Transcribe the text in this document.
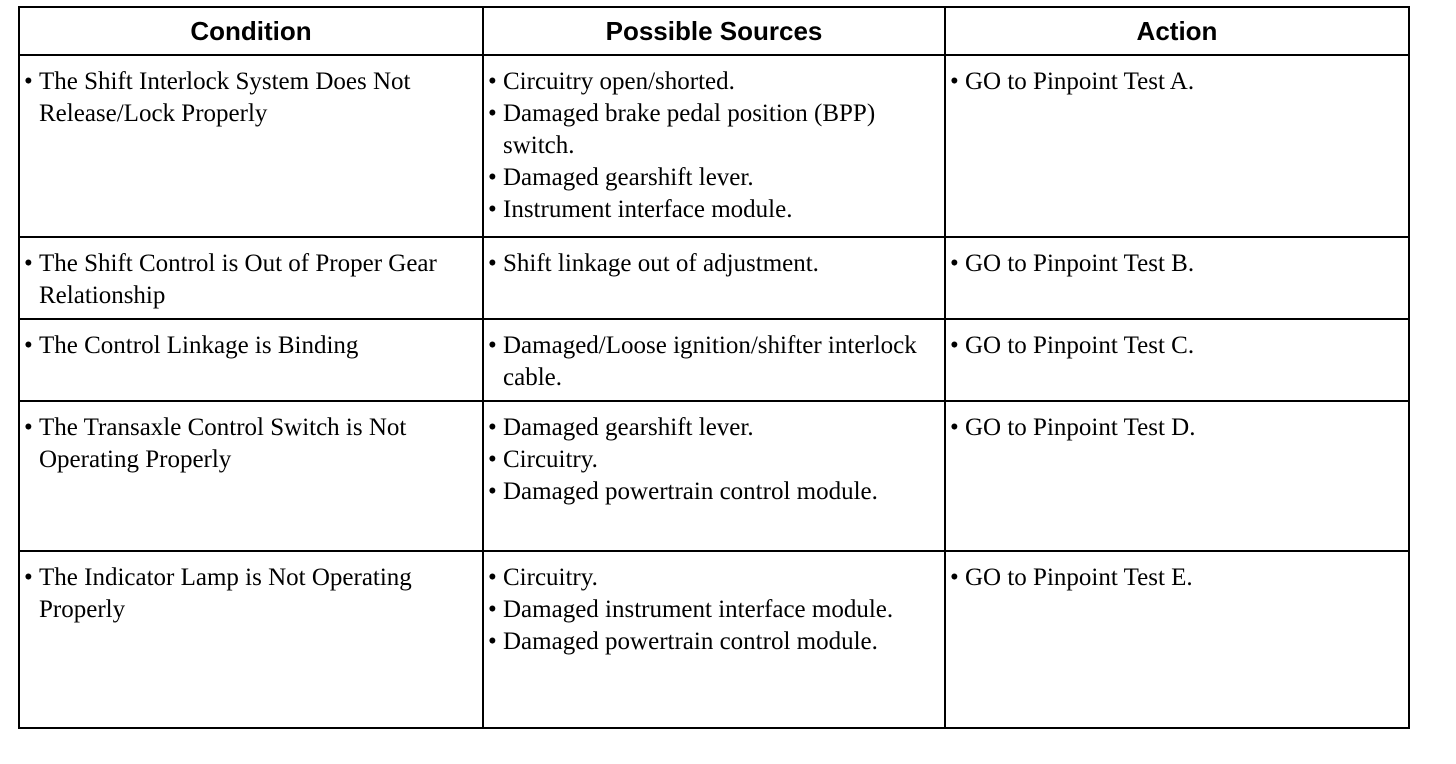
Condition	Possible Sources	Action

• The Shift Interlock System Does Not Release/Lock Properly	• Circuitry open/shorted.
• Damaged brake pedal position (BPP) switch.
• Damaged gearshift lever.
• Instrument interface module.	• GO to Pinpoint Test A.

• The Shift Control is Out of Proper Gear Relationship	• Shift linkage out of adjustment.	• GO to Pinpoint Test B.

• The Control Linkage is Binding	• Damaged/Loose ignition/shifter interlock cable.	• GO to Pinpoint Test C.

• The Transaxle Control Switch is Not Operating Properly	• Damaged gearshift lever.
• Circuitry.
• Damaged powertrain control module.	• GO to Pinpoint Test D.

• The Indicator Lamp is Not Operating Properly	• Circuitry.
• Damaged instrument interface module.
• Damaged powertrain control module.	• GO to Pinpoint Test E.
